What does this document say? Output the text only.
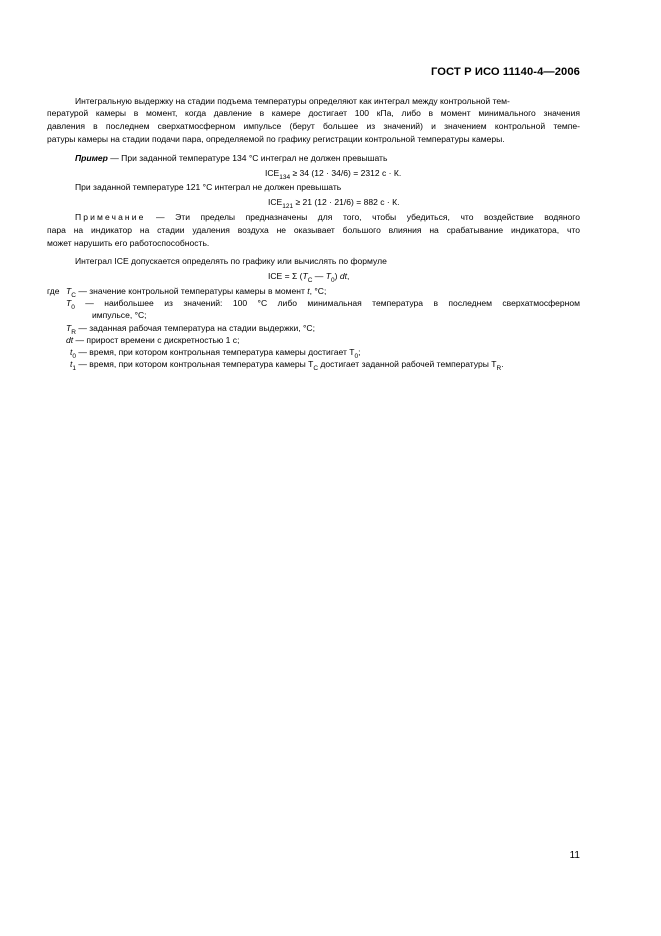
ГОСТ Р ИСО 11140-4—2006
Интегральную выдержку на стадии подъема температуры определяют как интеграл между контрольной тем-
пературой камеры в момент, когда давление в камере достигает 100 кПа, либо в момент минимального значения
давления в последнем сверхатмосферном импульсе (берут большее из значений) и значением контрольной темпе-
ратуры камеры на стадии подачи пара, определяемой по графику регистрации контрольной температуры камеры.
Пример — При заданной температуре 134 °С интеграл не должен превышать
$ICE_{134} \ge 34$ (12 · 34/6) = 2312 с · К.
При заданной температуре 121 °С интеграл не должен превышать
$ICE_{121} \ge 21$ (12 · 21/6) = 882 с · К.
Примечание — Эти пределы предназначены для того, чтобы убедиться, что воздействие водяного
пара на индикатор на стадии удаления воздуха не оказывает большого влияния на срабатывание индикатора, что
может нарушить его работоспособность.
Интеграл ICE допускается определять по графику или вычислять по формуле
ICE = Σ ($T_C$ — $T_0$) dt,
где $T_C$ — значение контрольной температуры камеры в момент t, °С;
$T_0$ — наибольшее из значений: 100 °С либо минимальная температура в последнем сверхатмосферном
импульсе, °С;
$T_R$ — заданная рабочая температура на стадии выдержки, °С;
dt — прирост времени с дискретностью 1 с;
$t_0$ — время, при котором контрольная температура камеры достигает $T_0$;
$t_1$ — время, при котором контрольная температура камеры $T_C$ достигает заданной рабочей температуры $T_R$.
11
